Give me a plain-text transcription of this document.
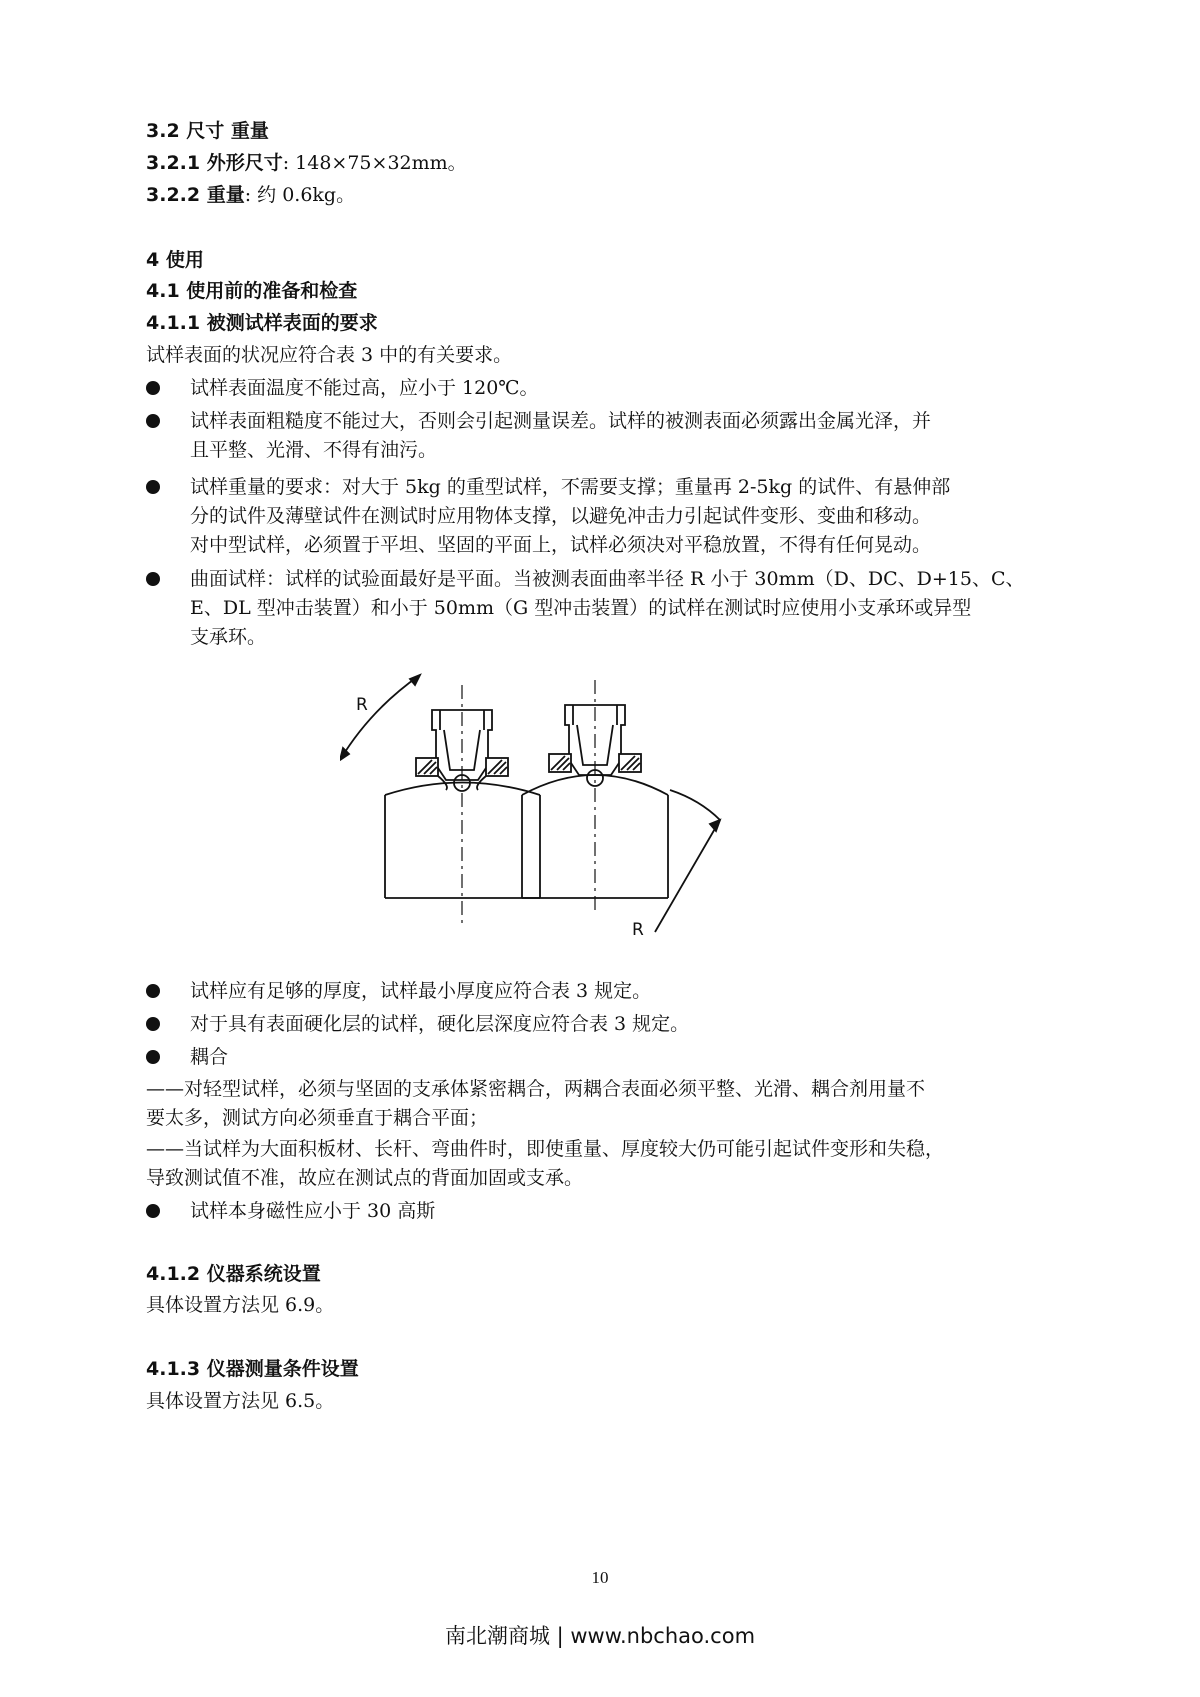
3.2 尺寸 重量
3.2.1 外形尺寸: 148×75×32mm。
3.2.2 重量: 约 0.6kg。
4 使用
4.1 使用前的准备和检查
4.1.1 被测试样表面的要求
试样表面的状况应符合表 3 中的有关要求。
试样表面温度不能过高，应小于 120℃。
试样表面粗糙度不能过大，否则会引起测量误差。试样的被测表面必须露出金属光泽，并
且平整、光滑、不得有油污。
试样重量的要求：对大于 5kg 的重型试样，不需要支撑；重量再 2-5kg 的试件、有悬伸部
分的试件及薄壁试件在测试时应用物体支撑，以避免冲击力引起试件变形、变曲和移动。
对中型试样，必须置于平坦、坚固的平面上，试样必须决对平稳放置，不得有任何晃动。
曲面试样：试样的试验面最好是平面。当被测表面曲率半径 R 小于 30mm（D、DC、D+15、C、
E、DL 型冲击装置）和小于 50mm（G 型冲击装置）的试样在测试时应使用小支承环或异型
支承环。
R
R
试样应有足够的厚度，试样最小厚度应符合表 3 规定。
对于具有表面硬化层的试样，硬化层深度应符合表 3 规定。
耦合
——对轻型试样，必须与坚固的支承体紧密耦合，两耦合表面必须平整、光滑、耦合剂用量不
要太多，测试方向必须垂直于耦合平面；
——当试样为大面积板材、长杆、弯曲件时，即使重量、厚度较大仍可能引起试件变形和失稳，
导致测试值不准，故应在测试点的背面加固或支承。
试样本身磁性应小于 30 高斯
4.1.2 仪器系统设置
具体设置方法见 6.9。
4.1.3 仪器测量条件设置
具体设置方法见 6.5。
10
南北潮商城 | www.nbchao.com
